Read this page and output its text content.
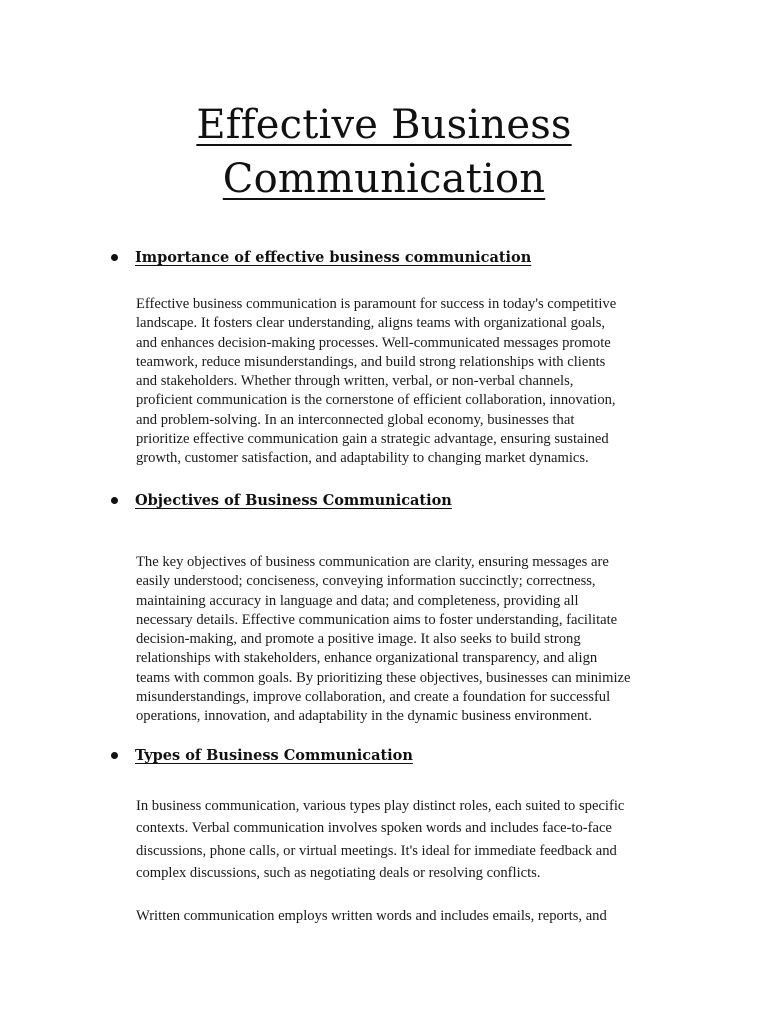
Effective Business
Communication
Importance of effective business communication

Effective business communication is paramount for success in today's competitive
landscape. It fosters clear understanding, aligns teams with organizational goals,
and enhances decision-making processes. Well-communicated messages promote
teamwork, reduce misunderstandings, and build strong relationships with clients
and stakeholders. Whether through written, verbal, or non-verbal channels,
proficient communication is the cornerstone of efficient collaboration, innovation,
and problem-solving. In an interconnected global economy, businesses that
prioritize effective communication gain a strategic advantage, ensuring sustained
growth, customer satisfaction, and adaptability to changing market dynamics.

Objectives of Business Communication

The key objectives of business communication are clarity, ensuring messages are
easily understood; conciseness, conveying information succinctly; correctness,
maintaining accuracy in language and data; and completeness, providing all
necessary details. Effective communication aims to foster understanding, facilitate
decision-making, and promote a positive image. It also seeks to build strong
relationships with stakeholders, enhance organizational transparency, and align
teams with common goals. By prioritizing these objectives, businesses can minimize
misunderstandings, improve collaboration, and create a foundation for successful
operations, innovation, and adaptability in the dynamic business environment.

Types of Business Communication

In business communication, various types play distinct roles, each suited to specific
contexts. Verbal communication involves spoken words and includes face-to-face
discussions, phone calls, or virtual meetings. It's ideal for immediate feedback and
complex discussions, such as negotiating deals or resolving conflicts.

Written communication employs written words and includes emails, reports, and
